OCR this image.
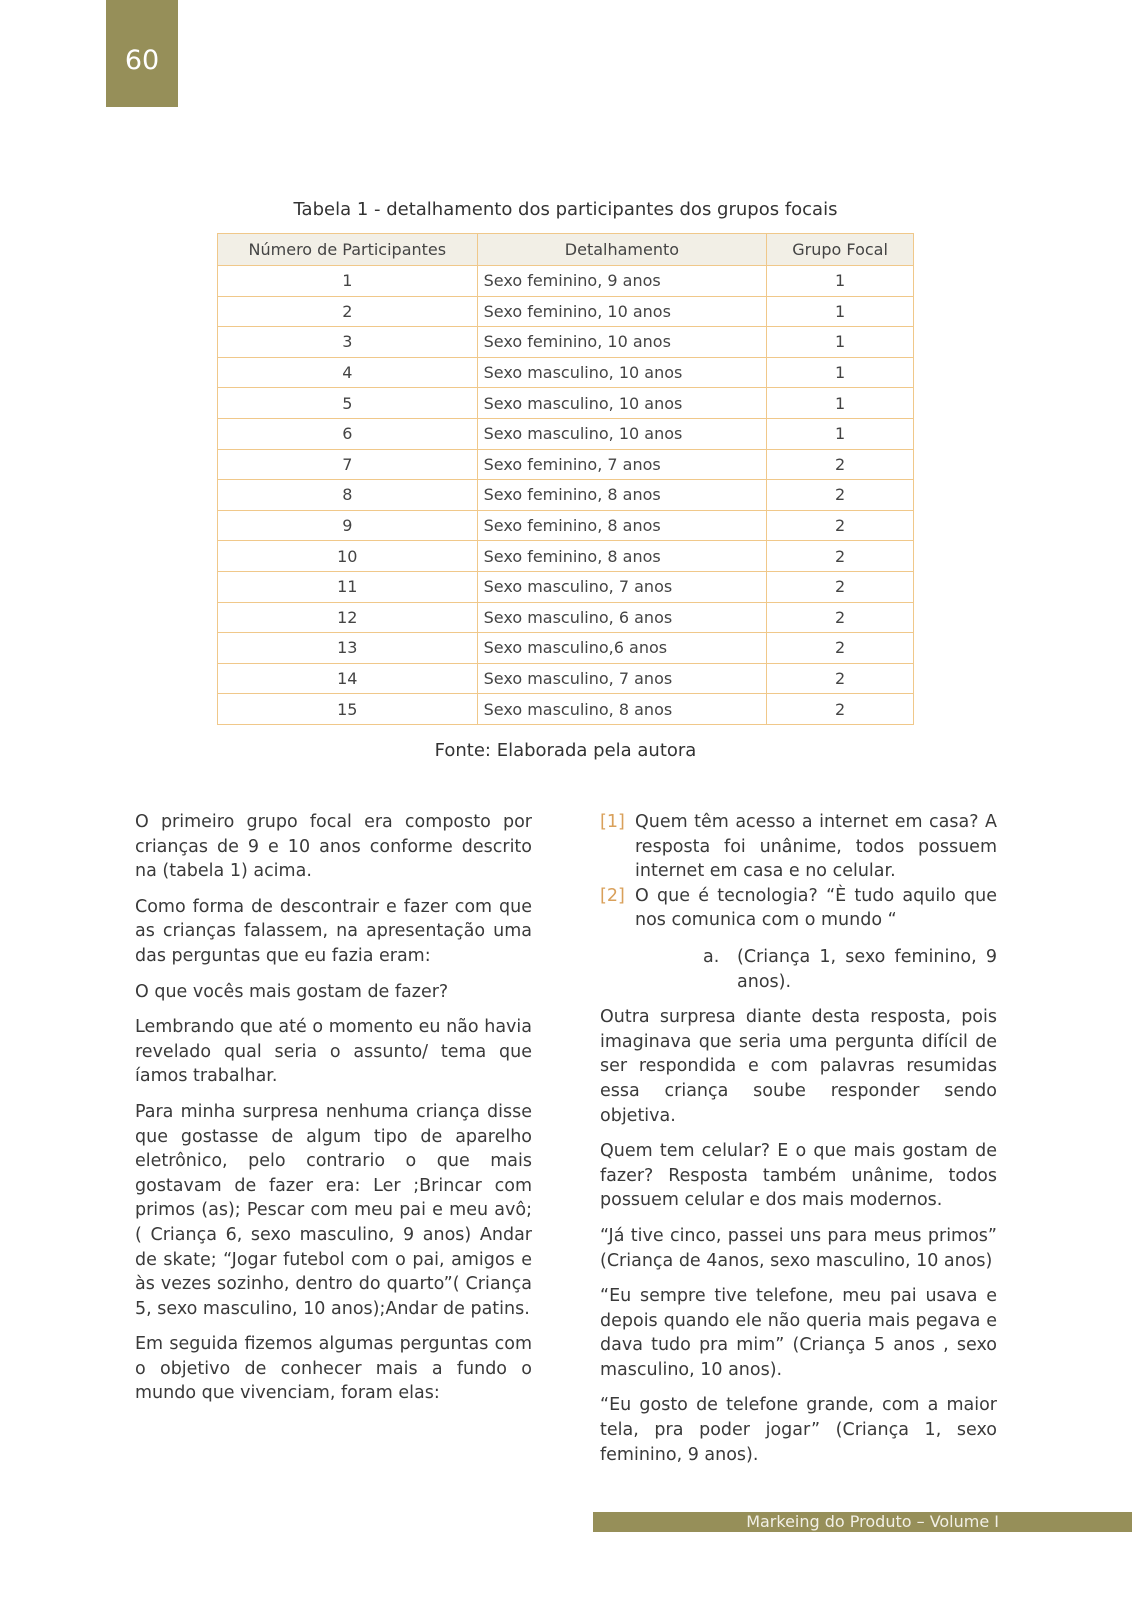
60
Tabela 1 - detalhamento dos participantes dos grupos focais
Número de Participantes	Detalhamento	Grupo Focal
1	Sexo feminino, 9 anos	1
2	Sexo feminino, 10 anos	1
3	Sexo feminino, 10 anos	1
4	Sexo masculino, 10 anos	1
5	Sexo masculino, 10 anos	1
6	Sexo masculino, 10 anos	1
7	Sexo feminino, 7 anos	2
8	Sexo feminino, 8 anos	2
9	Sexo feminino, 8 anos	2
10	Sexo feminino, 8 anos	2
11	Sexo masculino, 7 anos	2
12	Sexo masculino, 6 anos	2
13	Sexo masculino,6 anos	2
14	Sexo masculino, 7 anos	2
15	Sexo masculino, 8 anos	2
Fonte: Elaborada pela autora

O primeiro grupo focal era composto por crianças de 9 e 10 anos conforme descrito na (tabela 1) acima.

Como forma de descontrair e fazer com que as crianças falassem, na apresentação uma das perguntas que eu fazia eram:

O que vocês mais gostam de fazer?

Lembrando que até o momento eu não havia revelado qual seria o assunto/ tema que íamos trabalhar.

Para minha surpresa nenhuma criança disse que gostasse de algum tipo de aparelho eletrônico, pelo contrario o que mais gostavam de fazer era: Ler ;Brincar com primos (as); Pescar com meu pai e meu avô;( Criança 6, sexo masculino, 9 anos) Andar de skate; “Jogar futebol com o pai, amigos e às vezes sozinho, dentro do quarto”( Criança 5, sexo masculino, 10 anos);Andar de patins.

Em seguida fizemos algumas perguntas com o objetivo de conhecer mais a fundo o mundo que vivenciam, foram elas:

[1] Quem têm acesso a internet em casa? A resposta foi unânime, todos possuem internet em casa e no celular.
[2] O que é tecnologia? “È tudo aquilo que nos comunica com o mundo “
a.	(Criança 1, sexo feminino, 9 anos).

Outra surpresa diante desta resposta, pois imaginava que seria uma pergunta difícil de ser respondida e com palavras resumidas essa criança soube responder sendo objetiva.

Quem tem celular? E o que mais gostam de fazer? Resposta também unânime, todos possuem celular e dos mais modernos.

“Já tive cinco, passei uns para meus primos” (Criança de 4anos, sexo masculino, 10 anos)

“Eu sempre tive telefone, meu pai usava e depois quando ele não queria mais pegava e dava tudo pra mim” (Criança 5 anos , sexo masculino, 10 anos).

“Eu gosto de telefone grande, com a maior tela, pra poder jogar” (Criança 1, sexo feminino, 9 anos).

Markeing do Produto – Volume I
